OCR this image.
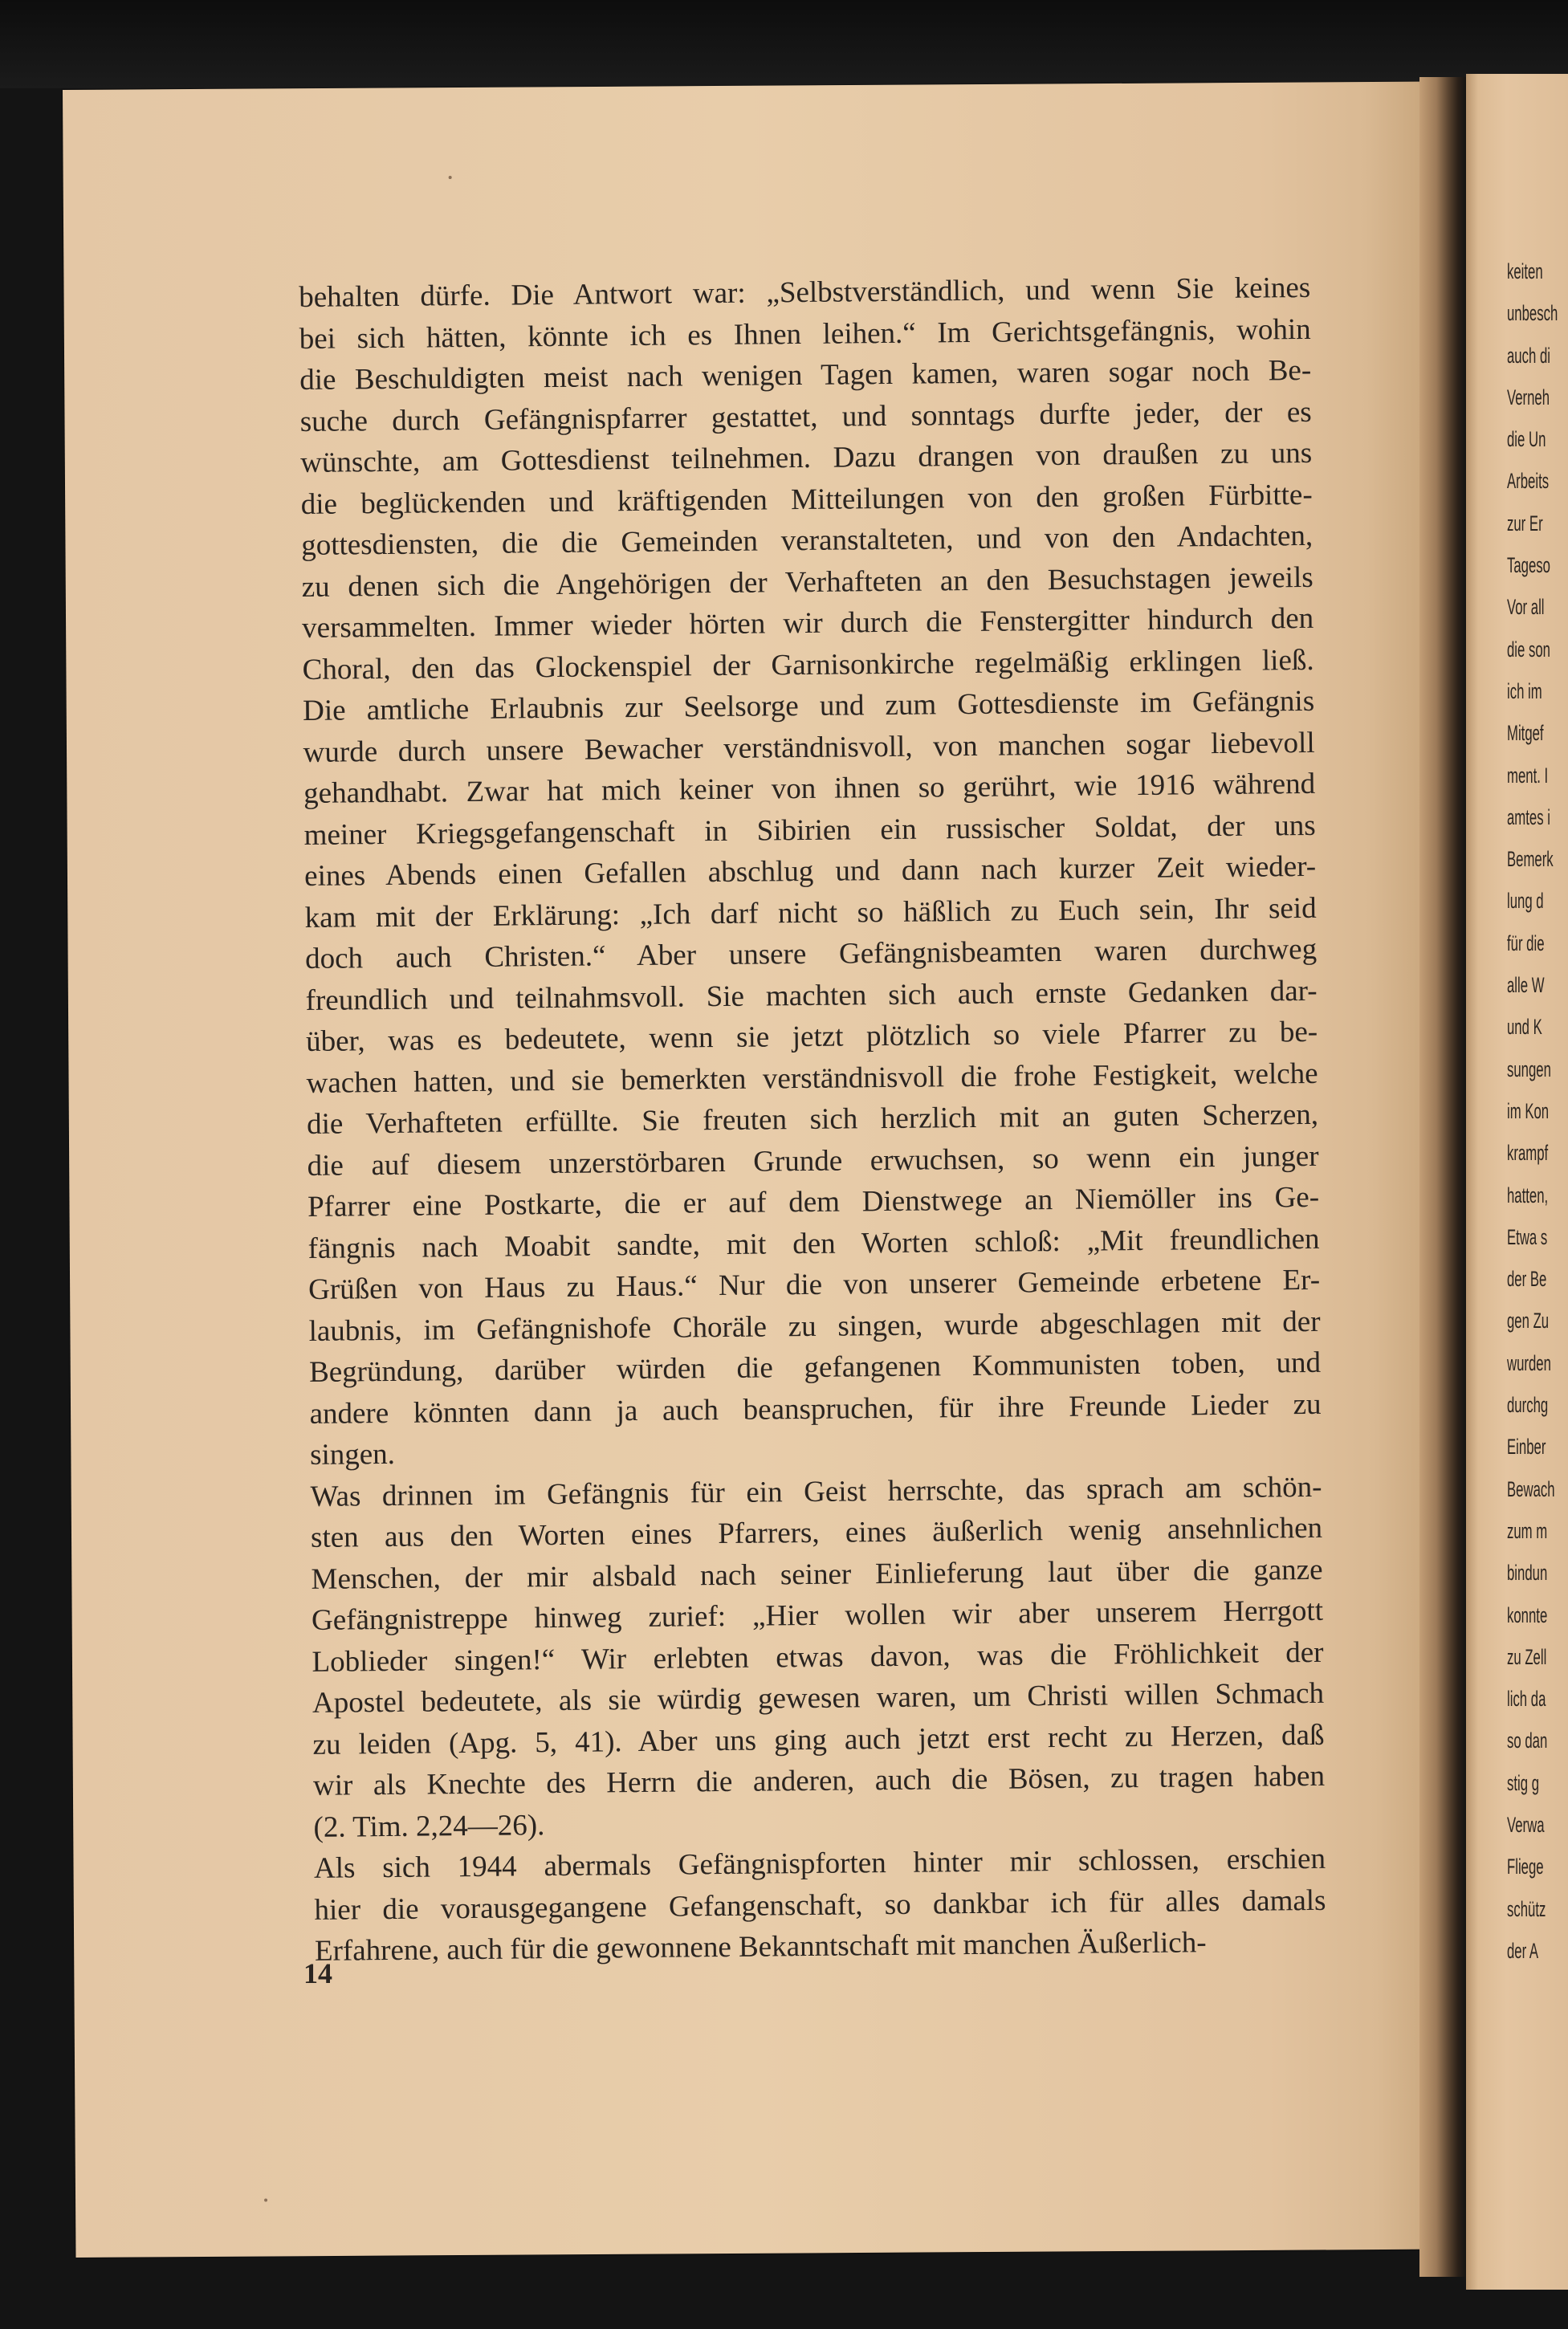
behalten dürfe. Die Antwort war: „Selbstverständlich, und wenn Sie keines
bei sich hätten, könnte ich es Ihnen leihen.“ Im Gerichtsgefängnis, wohin
die Beschuldigten meist nach wenigen Tagen kamen, waren sogar noch Be-
suche durch Gefängnispfarrer gestattet, und sonntags durfte jeder, der es
wünschte, am Gottesdienst teilnehmen. Dazu drangen von draußen zu uns
die beglückenden und kräftigenden Mitteilungen von den großen Fürbitte-
gottesdiensten, die die Gemeinden veranstalteten, und von den Andachten,
zu denen sich die Angehörigen der Verhafteten an den Besuchstagen jeweils
versammelten. Immer wieder hörten wir durch die Fenstergitter hindurch den
Choral, den das Glockenspiel der Garnisonkirche regelmäßig erklingen ließ.
Die amtliche Erlaubnis zur Seelsorge und zum Gottesdienste im Gefängnis
wurde durch unsere Bewacher verständnisvoll, von manchen sogar liebevoll
gehandhabt. Zwar hat mich keiner von ihnen so gerührt, wie 1916 während
meiner Kriegsgefangenschaft in Sibirien ein russischer Soldat, der uns
eines Abends einen Gefallen abschlug und dann nach kurzer Zeit wieder-
kam mit der Erklärung: „Ich darf nicht so häßlich zu Euch sein, Ihr seid
doch auch Christen.“ Aber unsere Gefängnisbeamten waren durchweg
freundlich und teilnahmsvoll. Sie machten sich auch ernste Gedanken dar-
über, was es bedeutete, wenn sie jetzt plötzlich so viele Pfarrer zu be-
wachen hatten, und sie bemerkten verständnisvoll die frohe Festigkeit, welche
die Verhafteten erfüllte. Sie freuten sich herzlich mit an guten Scherzen,
die auf diesem unzerstörbaren Grunde erwuchsen, so wenn ein junger
Pfarrer eine Postkarte, die er auf dem Dienstwege an Niemöller ins Ge-
fängnis nach Moabit sandte, mit den Worten schloß: „Mit freundlichen
Grüßen von Haus zu Haus.“ Nur die von unserer Gemeinde erbetene Er-
laubnis, im Gefängnishofe Choräle zu singen, wurde abgeschlagen mit der
Begründung, darüber würden die gefangenen Kommunisten toben, und
andere könnten dann ja auch beanspruchen, für ihre Freunde Lieder zu
singen.
Was drinnen im Gefängnis für ein Geist herrschte, das sprach am schön-
sten aus den Worten eines Pfarrers, eines äußerlich wenig ansehnlichen
Menschen, der mir alsbald nach seiner Einlieferung laut über die ganze
Gefängnistreppe hinweg zurief: „Hier wollen wir aber unserem Herrgott
Loblieder singen!“ Wir erlebten etwas davon, was die Fröhlichkeit der
Apostel bedeutete, als sie würdig gewesen waren, um Christi willen Schmach
zu leiden (Apg. 5, 41). Aber uns ging auch jetzt erst recht zu Herzen, daß
wir als Knechte des Herrn die anderen, auch die Bösen, zu tragen haben
(2. Tim. 2,24—26).
Als sich 1944 abermals Gefängnispforten hinter mir schlossen, erschien
hier die vorausgegangene Gefangenschaft, so dankbar ich für alles damals
Erfahrene, auch für die gewonnene Bekanntschaft mit manchen Äußerlich-
14
keiten
unbesch
auch di
Verneh
die Un
Arbeits
zur Er
Tageso
Vor all
die son
ich im
Mitgef
ment. I
amtes i
Bemerk
lung d
für die
alle W
und K
sungen
im Kon
krampf
hatten,
Etwa s
der Be
gen Zu
wurden
durchg
Einber
Bewach
zum m
bindun
konnte
zu Zell
lich da
so dan
stig g
Verwa
Fliege
schütz
der A
